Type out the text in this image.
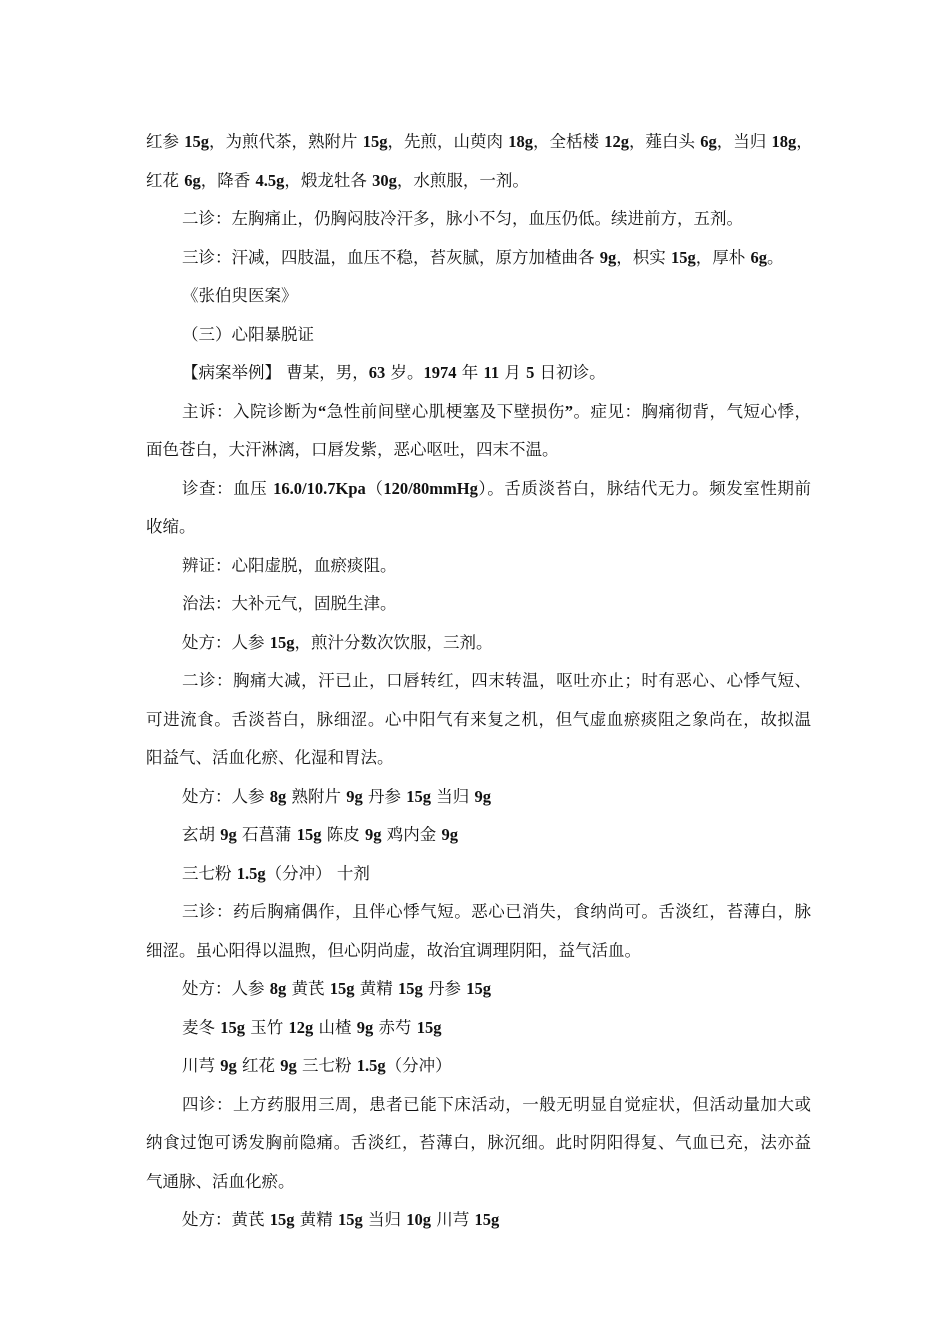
红参 15g，为煎代茶，熟附片 15g，先煎，山萸肉 18g，全栝楼 12g，薤白头 6g，当归 18g，
红花 6g，降香 4.5g，煅龙牡各 30g，水煎服，一剂。
二诊：左胸痛止，仍胸闷肢冷汗多，脉小不匀，血压仍低。续进前方，五剂。
三诊：汗减，四肢温，血压不稳，苔灰腻，原方加楂曲各 9g，枳实 15g，厚朴 6g。
《张伯臾医案》
（三）心阳暴脱证
【病案举例】 曹某，男，63 岁。1974 年 11 月 5 日初诊。
主诉：入院诊断为“急性前间壁心肌梗塞及下壁损伤”。症见：胸痛彻背，气短心悸，
面色苍白，大汗淋漓，口唇发紫，恶心呕吐，四末不温。
诊查：血压 16.0/10.7Kpa（120/80mmHg）。舌质淡苔白，脉结代无力。频发室性期前
收缩。
辨证：心阳虚脱，血瘀痰阻。
治法：大补元气，固脱生津。
处方：人参 15g，煎汁分数次饮服，三剂。
二诊：胸痛大减，汗已止，口唇转红，四末转温，呕吐亦止；时有恶心、心悸气短、
可进流食。舌淡苔白，脉细涩。心中阳气有来复之机，但气虚血瘀痰阻之象尚在，故拟温
阳益气、活血化瘀、化湿和胃法。
处方：人参 8g 熟附片 9g 丹参 15g 当归 9g
玄胡 9g 石菖蒲 15g 陈皮 9g 鸡内金 9g
三七粉 1.5g（分冲） 十剂
三诊：药后胸痛偶作，且伴心悸气短。恶心已消失，食纳尚可。舌淡红，苔薄白，脉
细涩。虽心阳得以温煦，但心阴尚虚，故治宜调理阴阳，益气活血。
处方：人参 8g 黄芪 15g 黄精 15g 丹参 15g
麦冬 15g 玉竹 12g 山楂 9g 赤芍 15g
川芎 9g 红花 9g 三七粉 1.5g（分冲）
四诊：上方药服用三周，患者已能下床活动，一般无明显自觉症状，但活动量加大或
纳食过饱可诱发胸前隐痛。舌淡红，苔薄白，脉沉细。此时阴阳得复、气血已充，法亦益
气通脉、活血化瘀。
处方：黄芪 15g 黄精 15g 当归 10g 川芎 15g
